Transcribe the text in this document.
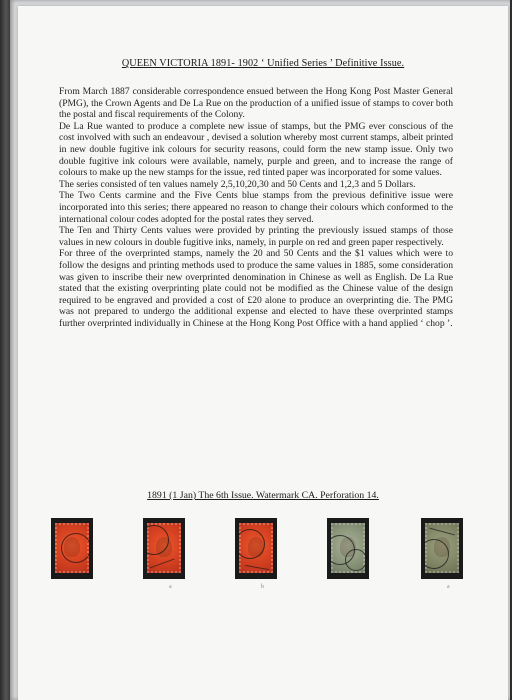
QUEEN VICTORIA 1891- 1902 ‘ Unified Series ’ Definitive Issue.

From March 1887 considerable correspondence ensued between the Hong Kong Post Master General (PMG), the Crown Agents and De La Rue on the production of a unified issue of stamps to cover both the postal and fiscal requirements of the Colony.

De La Rue wanted to produce a complete new issue of stamps, but the PMG ever conscious of the cost involved with such an endeavour , devised a solution whereby most current stamps, albeit printed in new double fugitive ink colours for security reasons, could form the new stamp issue. Only two double fugitive ink colours were available, namely, purple and green, and to increase the range of colours to make up the new stamps for the issue, red tinted paper was incorporated for some values.

The series consisted of ten values namely 2,5,10,20,30 and 50 Cents and 1,2,3 and 5 Dollars.

The Two Cents carmine and the Five Cents blue stamps from the previous definitive issue were incorporated into this series; there appeared no reason to change their colours which conformed to the international colour codes adopted for the postal rates they served.

The Ten and Thirty Cents values were provided by printing the previously issued stamps of those values in new colours in double fugitive inks, namely, in purple on red and green paper respectively.

For three of the overprinted stamps, namely the 20 and 50 Cents and the $1 values which were to follow the designs and printing methods used to produce the same values in 1885, some consideration was given to inscribe their new overprinted denomination in Chinese as well as English. De La Rue stated that the existing overprinting plate could not be modified as the Chinese value of the design required to be engraved and provided a cost of £20 alone to produce an overprinting die. The PMG was not prepared to undergo the additional expense and elected to have these overprinted stamps further overprinted individually in Chinese at the Hong Kong Post Office with a hand applied ‘ chop ’.

1891 (1 Jan) The 6th Issue. Watermark CA. Perforation 14.
a	b	a
